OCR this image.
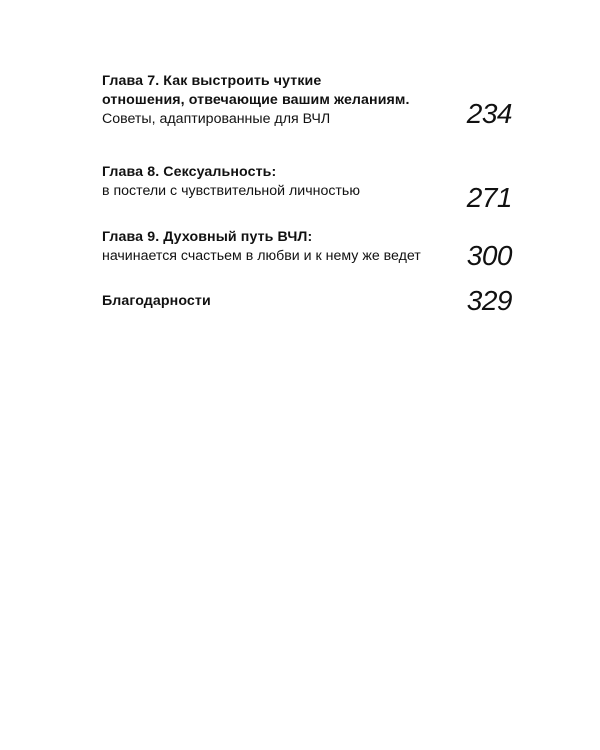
Глава 7. Как выстроить чуткие
отношения, отвечающие вашим желаниям.
Советы, адаптированные для ВЧЛ	234
Глава 8. Сексуальность:
в постели с чувствительной личностью	271
Глава 9. Духовный путь ВЧЛ:
начинается счастьем в любви и к нему же ведет	300
Благодарности	329
